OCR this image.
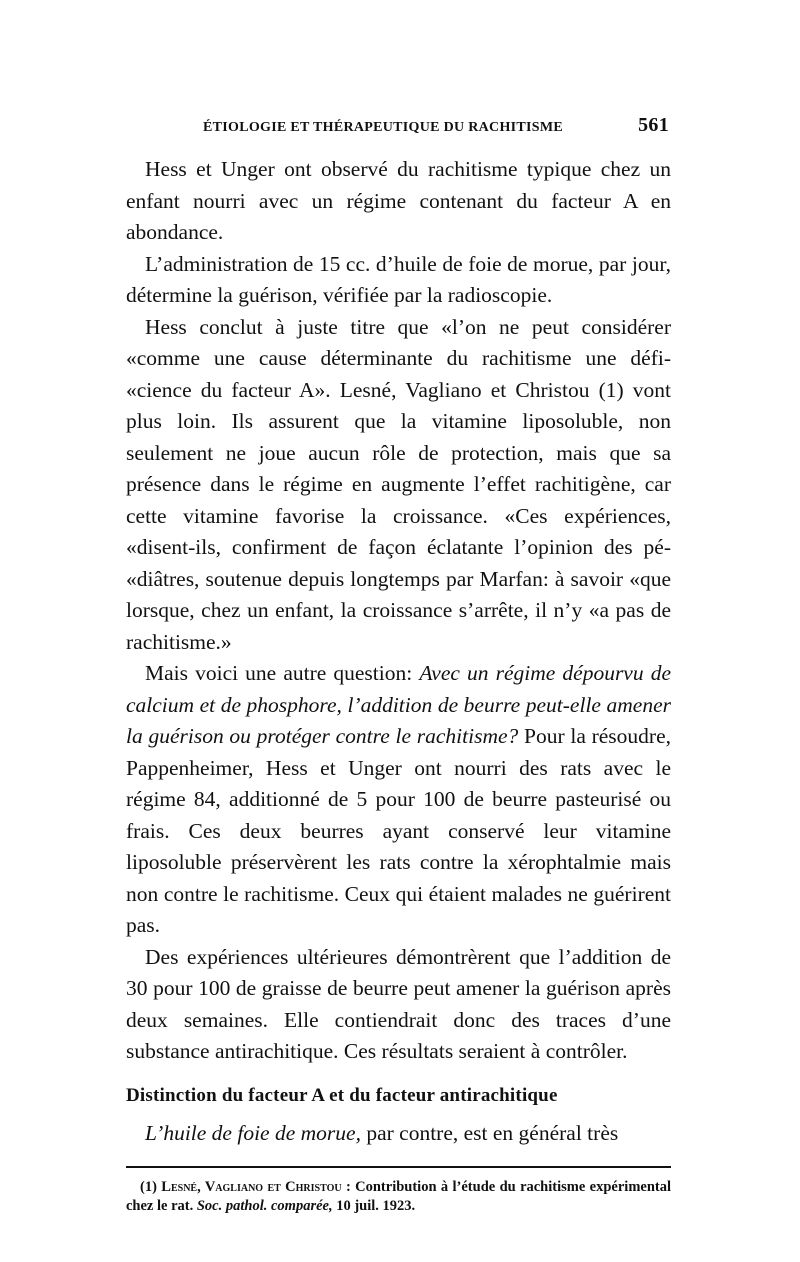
ÉTIOLOGIE ET THÉRAPEUTIQUE DU RACHITISME	561

Hess et Unger ont observé du rachitisme typique chez un enfant nourri avec un régime contenant du facteur A en abondance.

L’administration de 15 cc. d’huile de foie de morue, par jour, détermine la guérison, vérifiée par la radioscopie.

Hess conclut à juste titre que «l’on ne peut considérer «comme une cause déterminante du rachitisme une défi- «cience du facteur A». Lesné, Vagliano et Christou (1) vont plus loin. Ils assurent que la vitamine liposoluble, non seulement ne joue aucun rôle de protection, mais que sa présence dans le régime en augmente l’effet rachitigène, car cette vitamine favorise la croissance. «Ces expériences, «disent-ils, confirment de façon éclatante l’opinion des pé- «diâtres, soutenue depuis longtemps par Marfan: à savoir «que lorsque, chez un enfant, la croissance s’arrête, il n’y «a pas de rachitisme.»

Mais voici une autre question: Avec un régime dépourvu de calcium et de phosphore, l’addition de beurre peut-elle amener la guérison ou protéger contre le rachitisme? Pour la résoudre, Pappenheimer, Hess et Unger ont nourri des rats avec le régime 84, additionné de 5 pour 100 de beurre pasteurisé ou frais. Ces deux beurres ayant conservé leur vitamine liposoluble préservèrent les rats contre la xérophtalmie mais non contre le rachitisme. Ceux qui étaient malades ne guérirent pas.

Des expériences ultérieures démontrèrent que l’addition de 30 pour 100 de graisse de beurre peut amener la guérison après deux semaines. Elle contiendrait donc des traces d’une substance antirachitique. Ces résultats seraient à contrôler.

Distinction du facteur A et du facteur antirachitique

L’huile de foie de morue, par contre, est en général très

(1) Lesné, Vagliano et Christou : Contribution à l’étude du rachitisme expérimental chez le rat. Soc. pathol. comparée, 10 juil. 1923.
